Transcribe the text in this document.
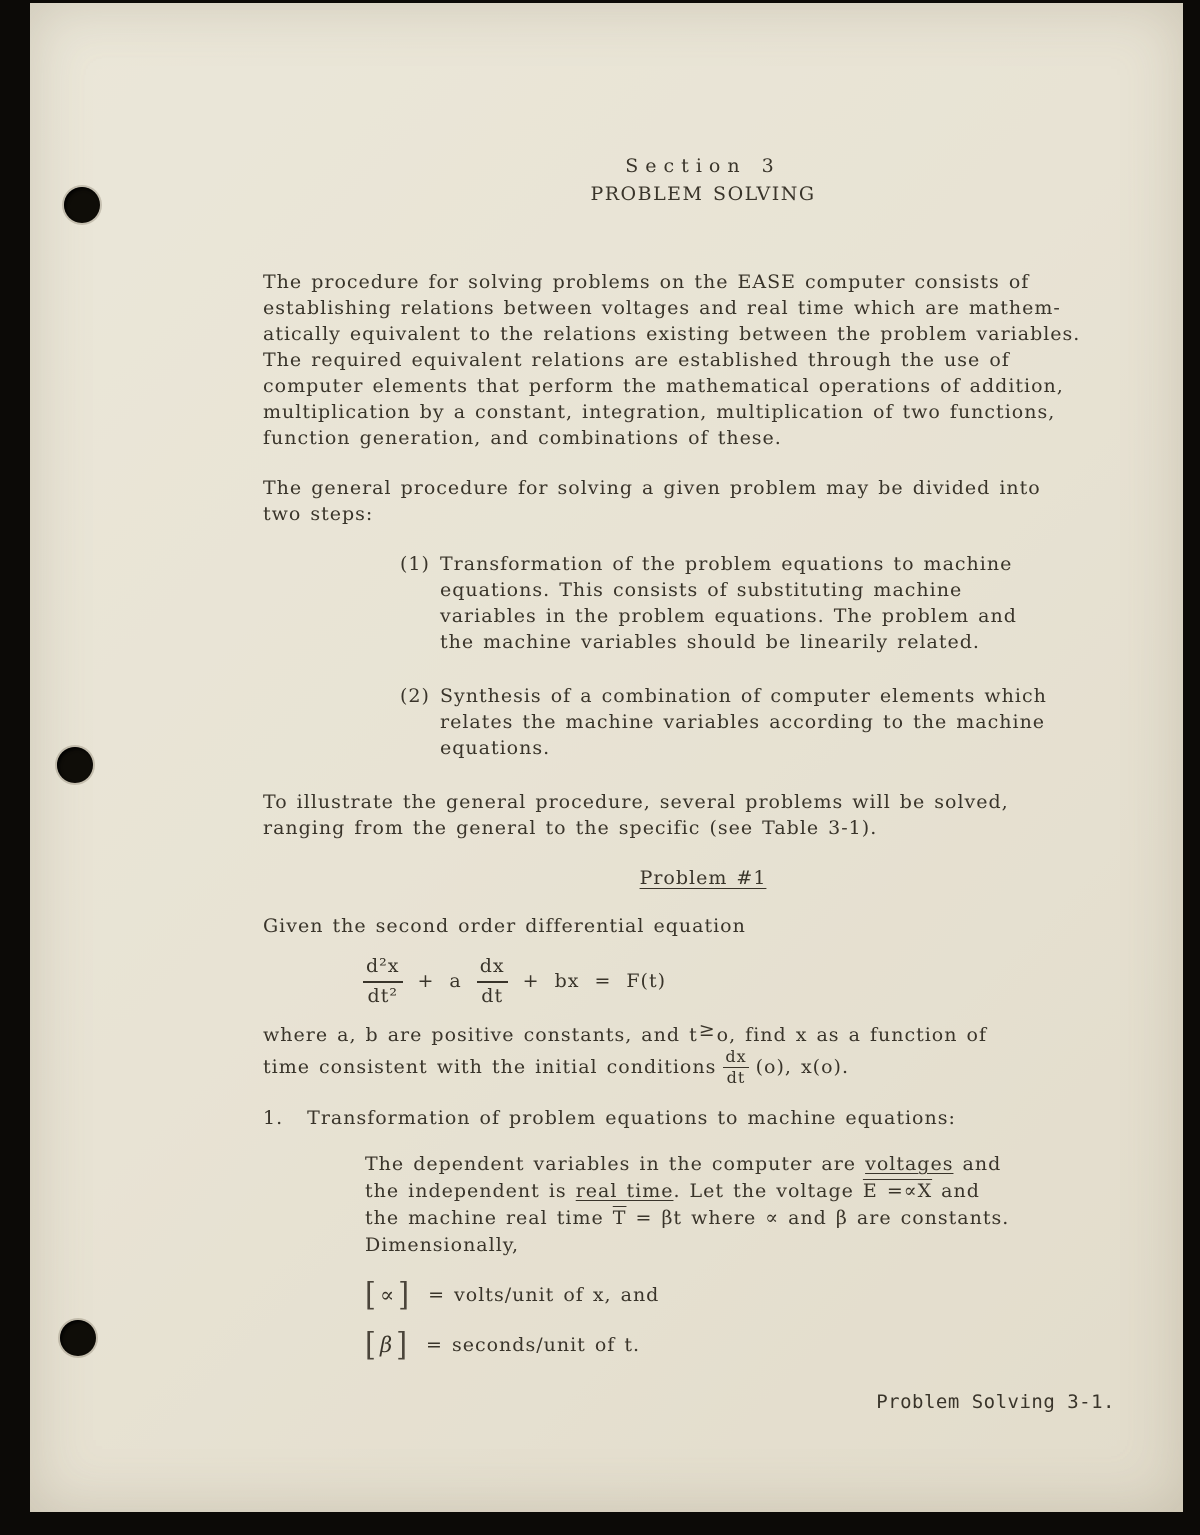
Section 3
PROBLEM SOLVING

The procedure for solving problems on the EASE computer consists of
establishing relations between voltages and real time which are mathem-
atically equivalent to the relations existing between the problem variables.
The required equivalent relations are established through the use of
computer elements that perform the mathematical operations of addition,
multiplication by a constant, integration, multiplication of two functions,
function generation, and combinations of these.

The general procedure for solving a given problem may be divided into
two steps:

(1) Transformation of the problem equations to machine
equations. This consists of substituting machine
variables in the problem equations. The problem and
the machine variables should be linearily related.

(2) Synthesis of a combination of computer elements which
relates the machine variables according to the machine
equations.

To illustrate the general procedure, several problems will be solved,
ranging from the general to the specific (see Table 3-1).

Problem #1

Given the second order differential equation

$\frac{\text{d²x}}{\text{dt²}} + a \frac{dx}{dt}$ + bx = F(t)
where a, b are positive constants, and t≥o, find x as a function of
time consistent with the initial conditions $\frac{dx}{dt} (o)$, x(o).
1. Transformation of problem equations to machine equations:
The dependent variables in the computer are voltages and
the independent is real time. Let the voltage E =∝X and
the machine real time $\overline{T} = \beta t$ where ∝ and β are constants.
Dimensionally,
[ ∝ ] = volts/unit of x, and
[ β ] = seconds/unit of t.
Problem Solving 3-1.
